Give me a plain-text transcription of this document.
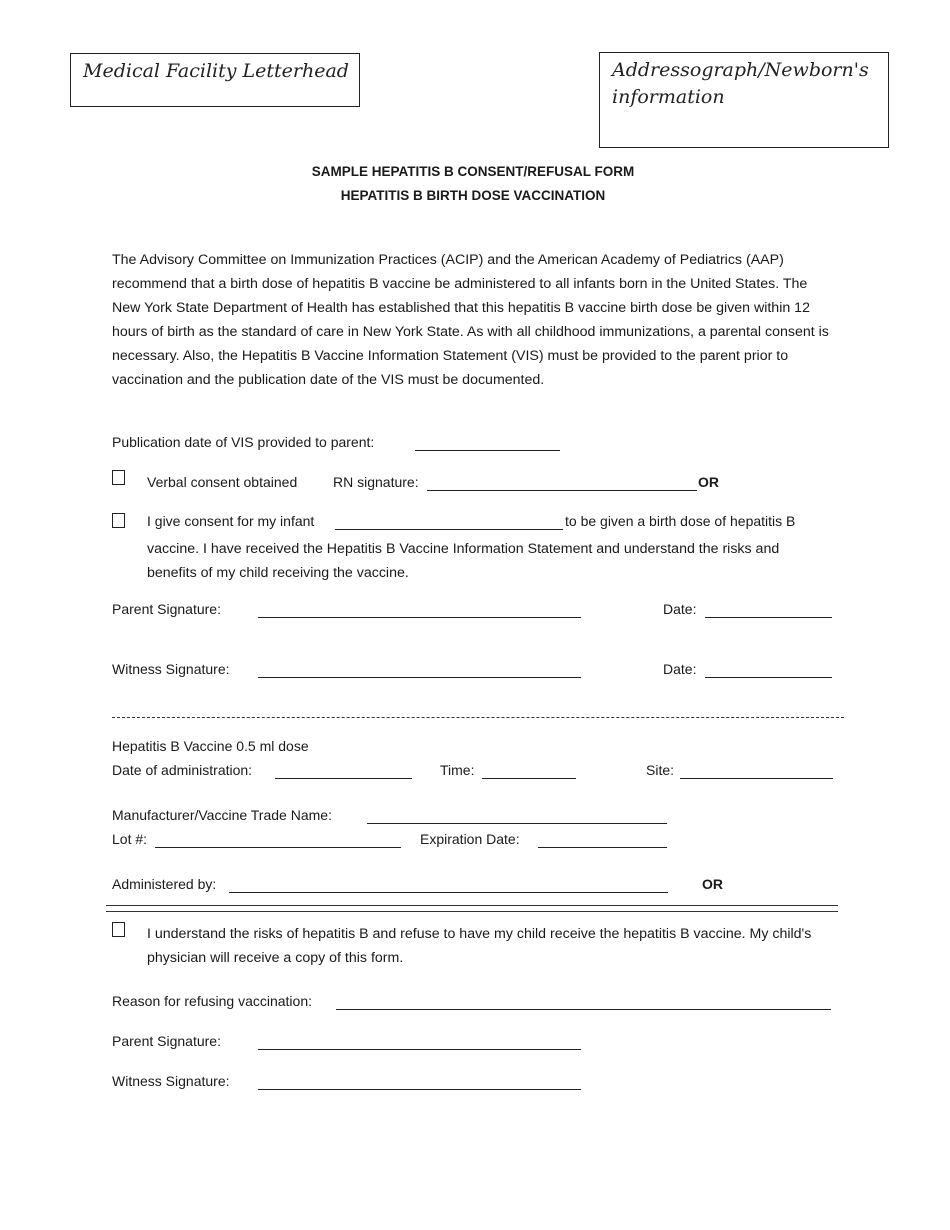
Medical Facility Letterhead	Addressograph/Newborn's information
SAMPLE HEPATITIS B CONSENT/REFUSAL FORM
HEPATITIS B BIRTH DOSE VACCINATION
The Advisory Committee on Immunization Practices (ACIP) and the American Academy of Pediatrics (AAP) recommend that a birth dose of hepatitis B vaccine be administered to all infants born in the United States. The New York State Department of Health has established that this hepatitis B vaccine birth dose be given within 12 hours of birth as the standard of care in New York State. As with all childhood immunizations, a parental consent is necessary. Also, the Hepatitis B Vaccine Information Statement (VIS) must be provided to the parent prior to vaccination and the publication date of the VIS must be documented.
Publication date of VIS provided to parent:
Verbal consent obtained	RN signature:	OR
I give consent for my infant	to be given a birth dose of hepatitis B
vaccine. I have received the Hepatitis B Vaccine Information Statement and understand the risks and benefits of my child receiving the vaccine.
Parent Signature:	Date:
Witness Signature:	Date:
Hepatitis B Vaccine 0.5 ml dose
Date of administration:	Time:	Site:
Manufacturer/Vaccine Trade Name:
Lot #:	Expiration Date:
Administered by:	OR
I understand the risks of hepatitis B and refuse to have my child receive the hepatitis B vaccine. My child's physician will receive a copy of this form.
Reason for refusing vaccination:
Parent Signature:
Witness Signature:
